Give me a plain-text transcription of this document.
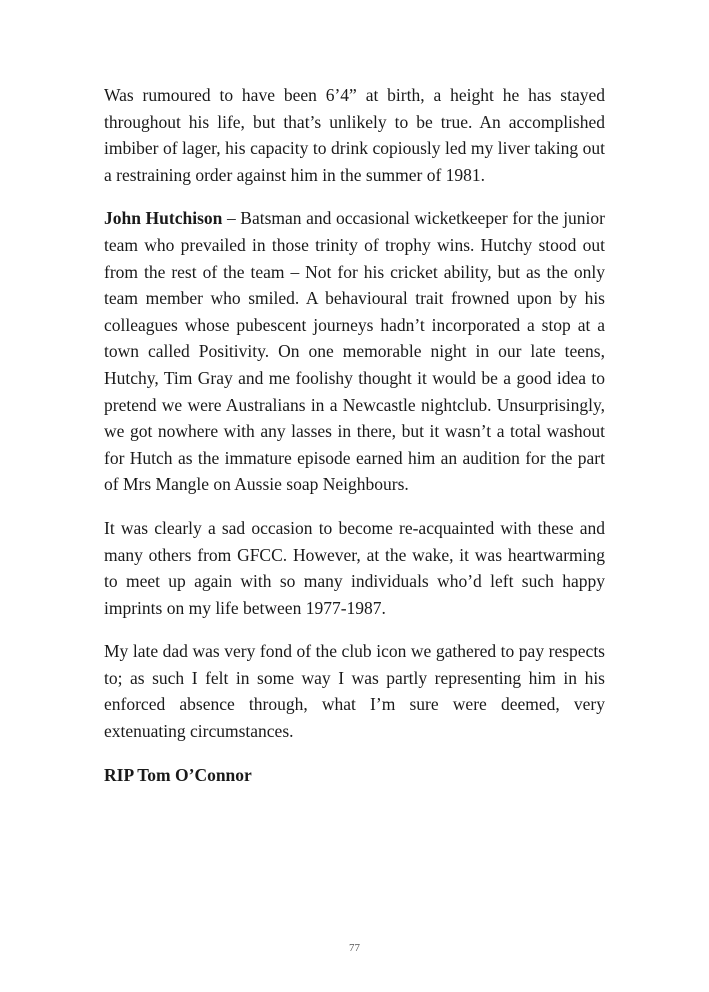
Was rumoured to have been 6’4” at birth, a height he has stayed throughout his life, but that’s unlikely to be true. An accomplished imbiber of lager, his capacity to drink copiously led my liver taking out a restraining order against him in the summer of 1981.

John Hutchison – Batsman and occasional wicketkeeper for the junior team who prevailed in those trinity of trophy wins. Hutchy stood out from the rest of the team – Not for his cricket ability, but as the only team member who smiled. A behavioural trait frowned upon by his colleagues whose pubescent journeys hadn’t incorporated a stop at a town called Positivity. On one memorable night in our late teens, Hutchy, Tim Gray and me foolishy thought it would be a good idea to pretend we were Australians in a Newcastle nightclub. Unsurprisingly, we got nowhere with any lasses in there, but it wasn’t a total washout for Hutch as the immature episode earned him an audition for the part of Mrs Mangle on Aussie soap Neighbours.

It was clearly a sad occasion to become re-acquainted with these and many others from GFCC. However, at the wake, it was heartwarming to meet up again with so many individuals who’d left such happy imprints on my life between 1977-1987.

My late dad was very fond of the club icon we gathered to pay respects to; as such I felt in some way I was partly representing him in his enforced absence through, what I’m sure were deemed, very extenuating circumstances.

RIP Tom O’Connor

77
